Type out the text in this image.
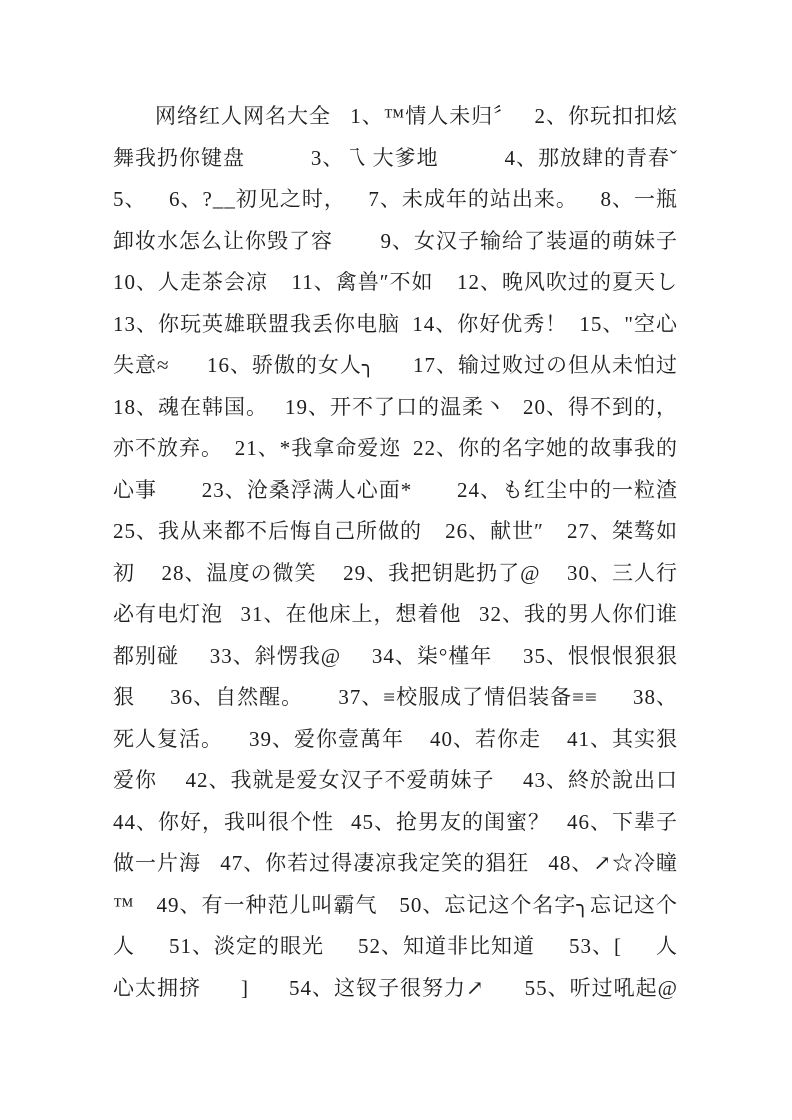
网络红人网名大全 1、™情人未归〞 2、你玩扣扣炫
舞我扔你键盘	3、乁 大爹地	4、那放肆的青春ˇ
5、 6、?__初见之时， 7、未成年的站出来。 8、一瓶
卸妆水怎么让你毁了容 9、女汉子输给了装逼的萌妹子
10、人走茶会凉 11、禽兽″不如 12、晚风吹过的夏天し
13、你玩英雄联盟我丢你电脑 14、你好优秀！ 15、"空心
失意≈ 16、骄傲的女人╮ 17、输过败过の但从未怕过
18、魂在韩国。 19、开不了口的温柔丶 20、得不到的，
亦不放弃。 21、*我拿命爱迩 22、你的名字她的故事我的
心事 23、沧桑浮满人心面* 24、も红尘中的一粒渣
25、我从来都不后悔自己所做的 26、献世″ 27、桀骜如
初 28、温度の微笑 29、我把钥匙扔了@ 30、三人行
必有电灯泡 31、在他床上，想着他 32、我的男人你们谁
都别碰 33、斜愣我@ 34、柒°槿年 35、恨恨恨狠狠
狠 36、自然醒。 37、≡校服成了情侣装备≡≡ 38、
死人复活。 39、爱你壹萬年 40、若你走 41、其实狠
爱你 42、我就是爱女汉子不爱萌妹子 43、終於說出口
44、你好，我叫很个性 45、抢男友的闺蜜？ 46、下辈子
做一片海 47、你若过得凄凉我定笑的猖狂 48、↗☆冷瞳
™ 49、有一种范儿叫霸气 50、忘记这个名字╮忘记这个
人 51、淡定的眼光 52、知道非比知道 53、[ 人
心太拥挤 ] 54、这钗子很努力↗ 55、听过吼起@
